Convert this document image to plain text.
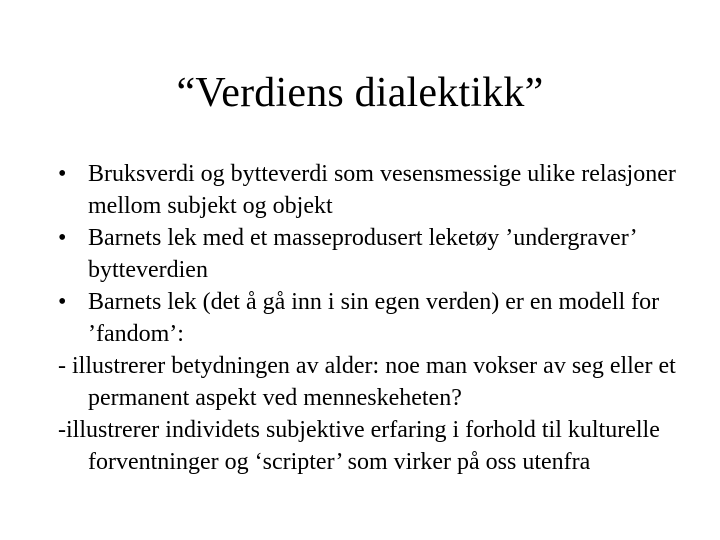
“Verdiens dialektikk”
• Bruksverdi og bytteverdi som vesensmessige ulike relasjoner mellom subjekt og objekt
• Barnets lek med et masseprodusert leketøy ’undergraver’ bytteverdien
• Barnets lek (det å gå inn i sin egen verden) er en modell for ’fandom’:
- illustrerer betydningen av alder: noe man vokser av seg eller et permanent aspekt ved menneskeheten?
-illustrerer individets subjektive erfaring i forhold til kulturelle forventninger og ‘scripter’ som virker på oss utenfra
